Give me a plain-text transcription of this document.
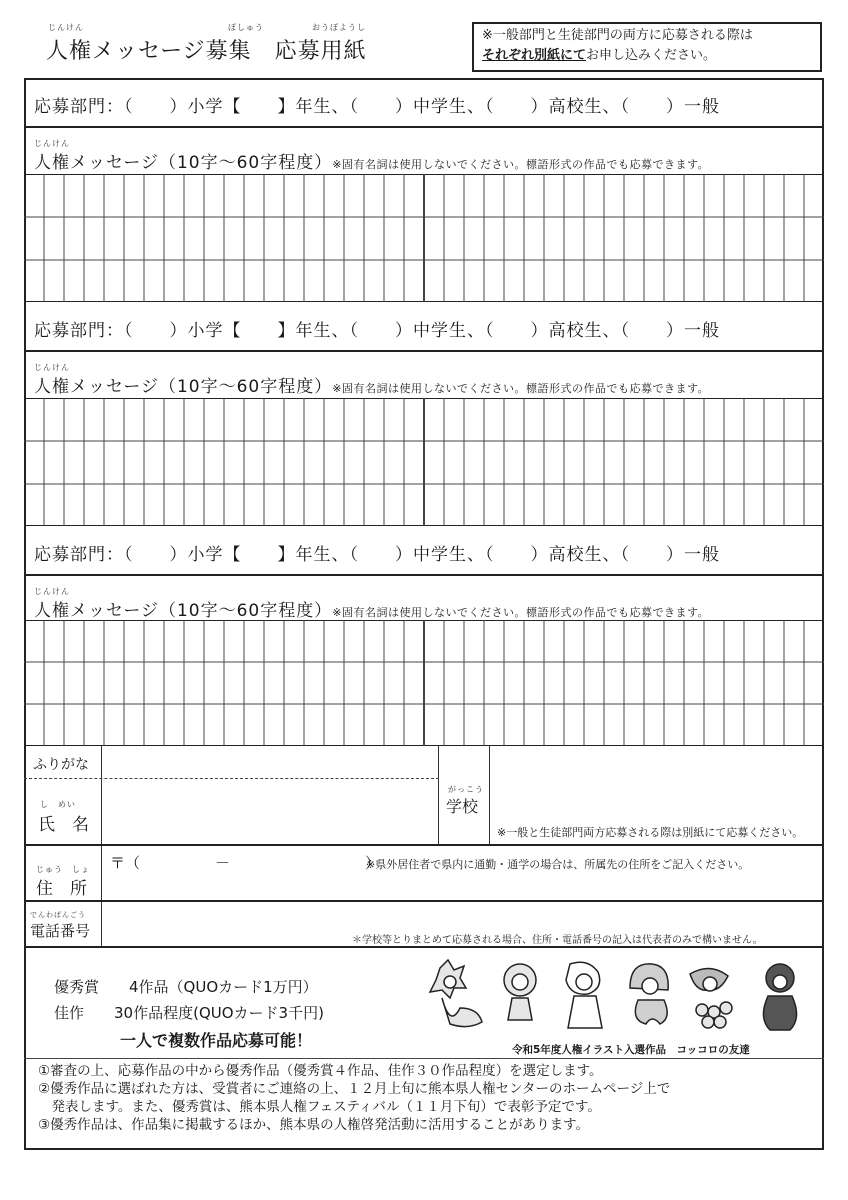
じんけん	ぼしゅう	おうぼようし
人権メッセージ募集　応募用紙
※一般部門と生徒部門の両方に応募される際は
それぞれ別紙にてお申し込みください。
応募部門：（　　）小学【　　】年生、（　　）中学生、（　　）高校生、（　　）一般
じんけん
人権メッセージ（10字～60字程度）※固有名詞は使用しないでください。標語形式の作品でも応募できます。
応募部門：（　　）小学【　　】年生、（　　）中学生、（　　）高校生、（　　）一般
じんけん
人権メッセージ（10字～60字程度）※固有名詞は使用しないでください。標語形式の作品でも応募できます。
応募部門：（　　）小学【　　】年生、（　　）中学生、（　　）高校生、（　　）一般
じんけん
人権メッセージ（10字～60字程度）※固有名詞は使用しないでください。標語形式の作品でも応募できます。
ふりがな
し　めい
氏　名
がっこう
学校
※一般と生徒部門両方応募される際は別紙にて応募ください。
じゅう　しょ
住　所
〒（　　　　　－　　　　　　　　　）
※県外居住者で県内に通勤・通学の場合は、所属先の住所をご記入ください。
でんわばんごう
電話番号
＊学校等とりまとめて応募される場合、住所・電話番号の記入は代表者のみで構いません。
優秀賞　　4作品（QUOカード1万円）
佳作　　30作品程度(QUOカード3千円)
一人で複数作品応募可能！	令和5年度人権イラスト入選作品　コッコロの友達
①審査の上、応募作品の中から優秀作品（優秀賞４作品、佳作３０作品程度）を選定します。
②優秀作品に選ばれた方は、受賞者にご連絡の上、１２月上旬に熊本県人権センターのホームページ上で
　発表します。また、優秀賞は、熊本県人権フェスティバル（１１月下旬）で表彰予定です。
③優秀作品は、作品集に掲載するほか、熊本県の人権啓発活動に活用することがあります。
